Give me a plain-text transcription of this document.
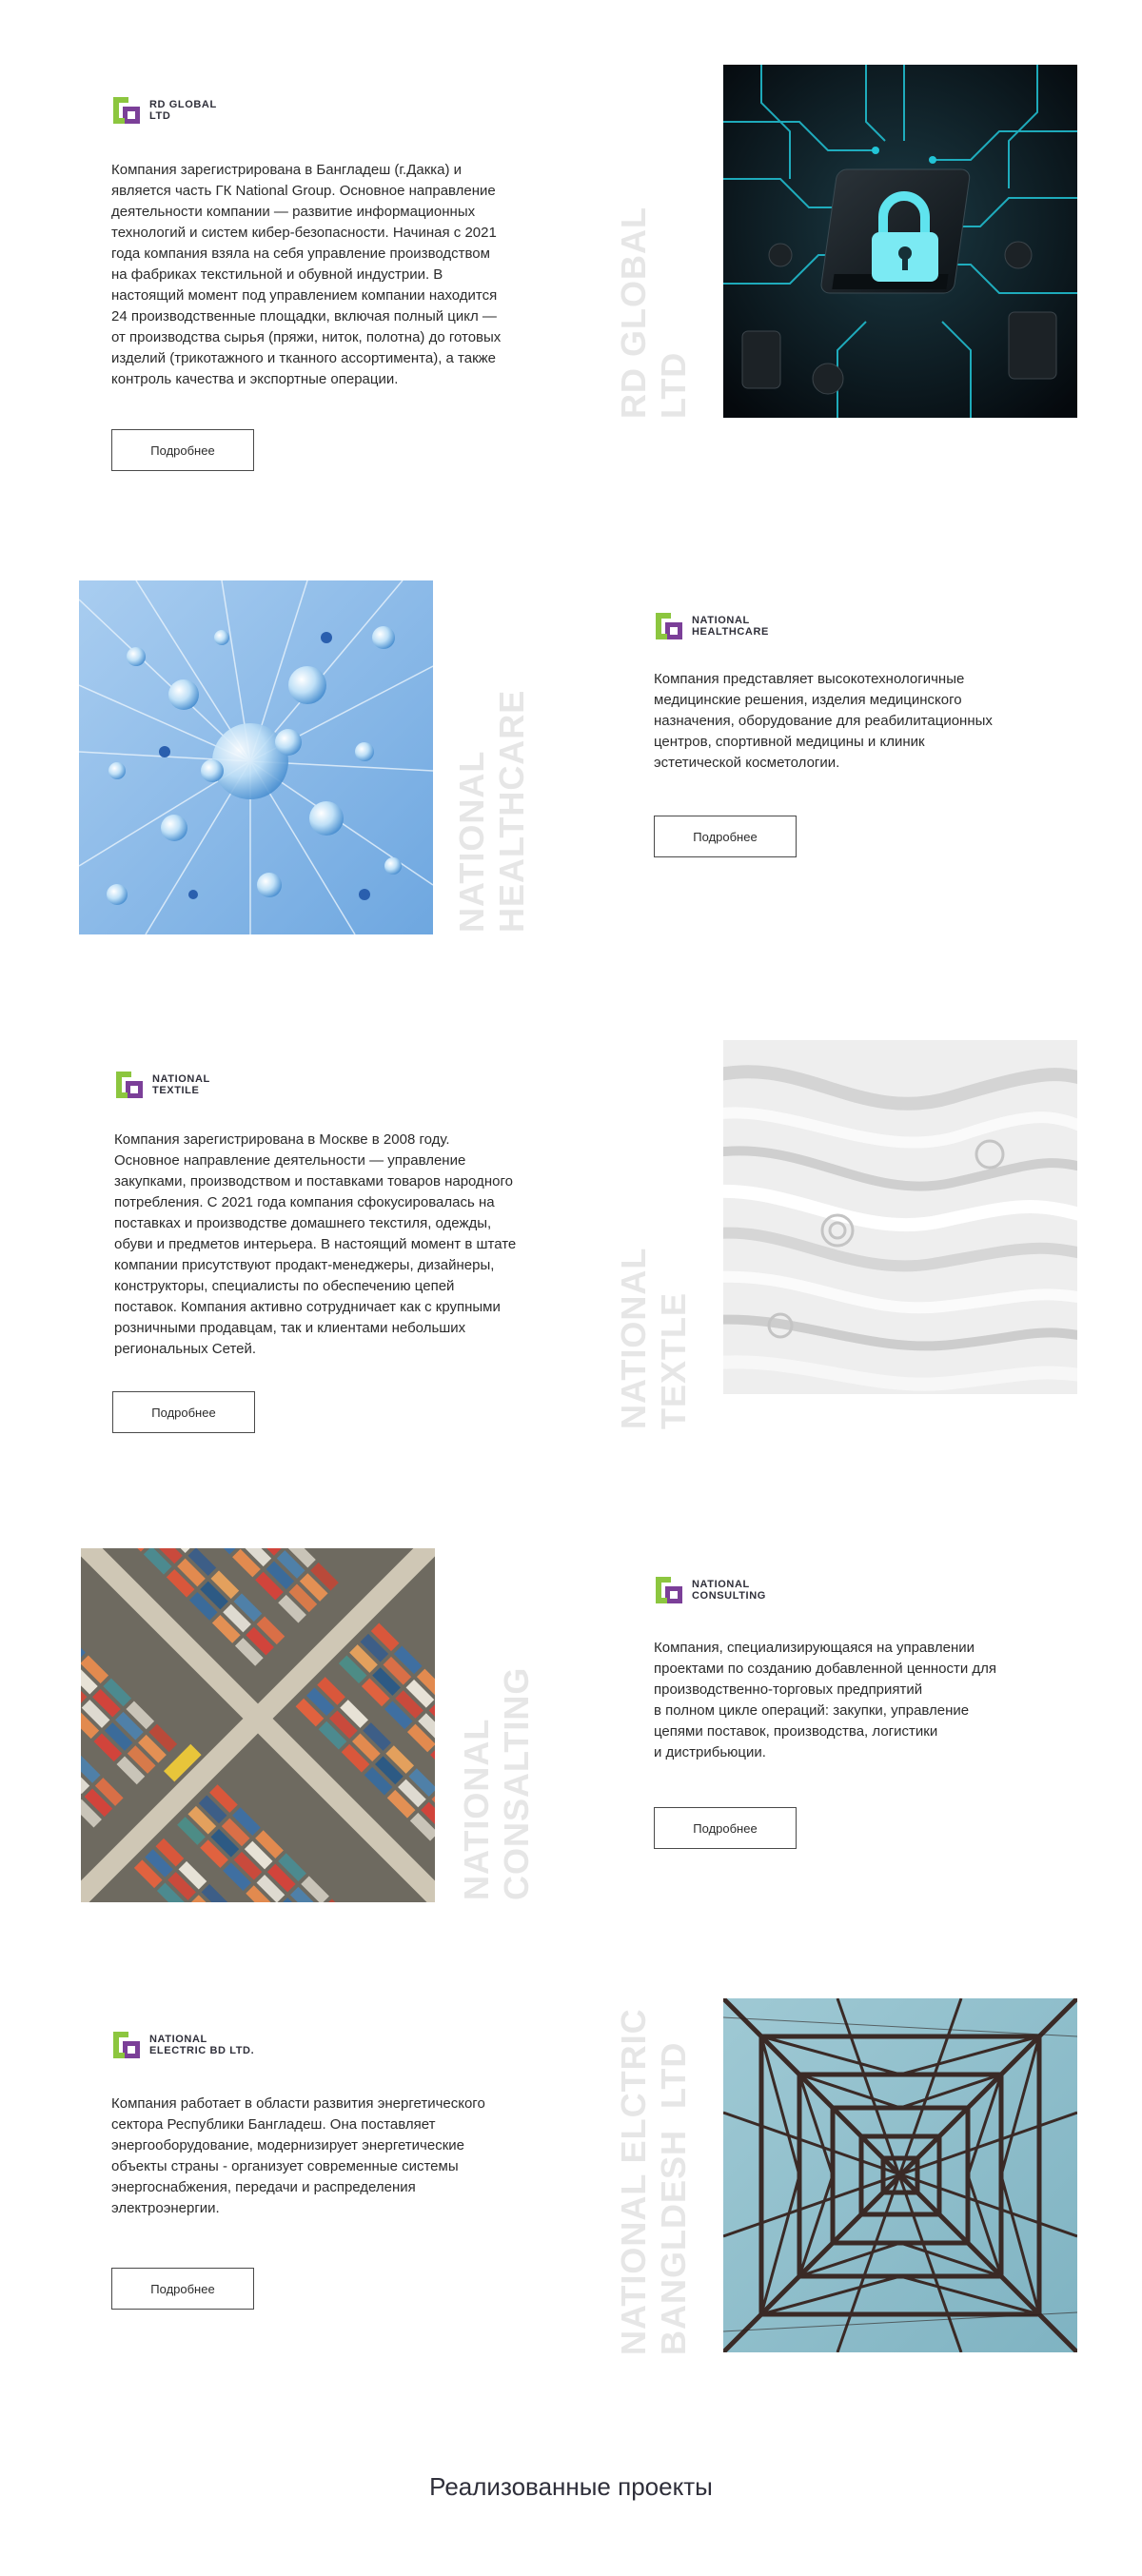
RD GLOBAL
LTD

Компания зарегистрирована в Бангладеш (г.Дакка) и
является часть ГК National Group. Основное направление
деятельности компании — развитие информационных
технологий и систем кибер-безопасности. Начиная с 2021
года компания взяла на себя управление производством
на фабриках текстильной и обувной индустрии. В
настоящий момент под управлением компании находится
24 производственные площадки, включая полный цикл —
от производства сырья (пряжи, ниток, полотна) до готовых
изделий (трикотажного и тканного ассортимента), а также
контроль качества и экспортные операции.

Подробнее
RD GLOBAL
LTD
NATIONAL
HEALTHCARE
NATIONAL
HEALTHCARE

Компания представляет высокотехнологичные
медицинские решения, изделия медицинского
назначения, оборудование для реабилитационных
центров, спортивной медицины и клиник
эстетической косметологии.

Подробнее
NATIONAL
TEXTILE

Компания зарегистрирована в Москве в 2008 году.
Основное направление деятельности — управление
закупками, производством и поставками товаров народного
потребления. С 2021 года компания сфокусировалась на
поставках и производстве домашнего текстиля, одежды,
обуви и предметов интерьера. В настоящий момент в штате
компании присутствуют продакт-менеджеры, дизайнеры,
конструкторы, специалисты по обеспечению цепей
поставок. Компания активно сотрудничает как с крупными
розничными продавцам, так и клиентами небольших
региональных Сетей.

Подробнее	NATIONAL
TEXTLE
NATIONAL
CONSALTING
NATIONAL
CONSULTING

Компания, специализирующаяся на управлении
проектами по созданию добавленной ценности для
производственно-торговых предприятий
в полном цикле операций: закупки, управление
цепями поставок, производства, логистики
и дистрибьюции.

Подробнее
NATIONAL
ELECTRIC BD LTD.

Компания работает в области развития энергетического
сектора Республики Бангладеш. Она поставляет
энергооборудование, модернизирует энергетические
объекты страны - организует современные системы
энергоснабжения, передачи и распределения
электроэнергии.

Подробнее	NATIONAL ELCTRIC
BANGLDESH  LTD
Реализованные проекты
